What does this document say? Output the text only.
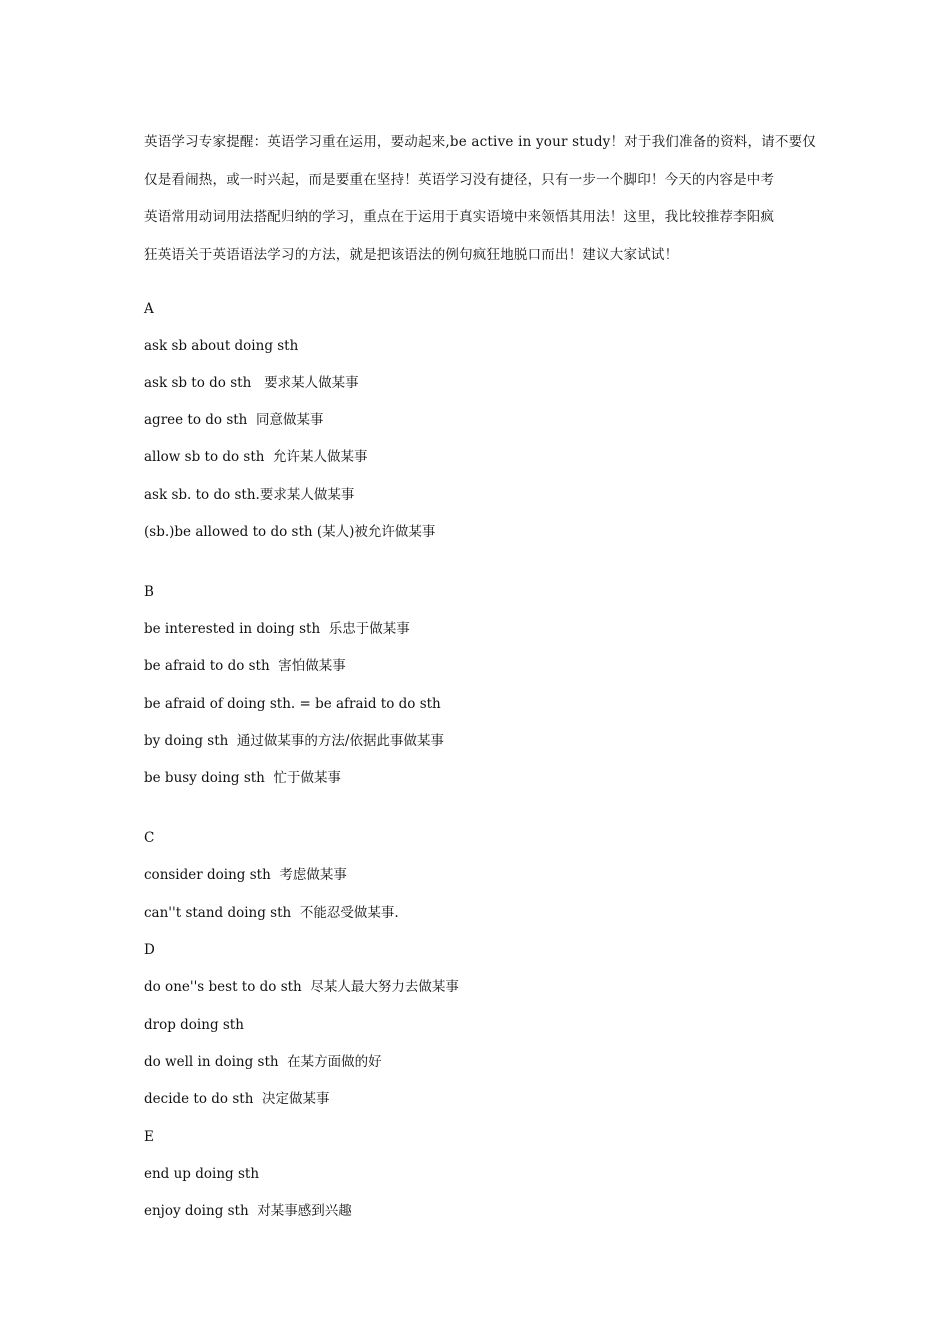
英语学习专家提醒：英语学习重在运用，要动起来,be active in your study！对于我们准备的资料，请不要仅

仅是看闹热，或一时兴起，而是要重在坚持！英语学习没有捷径，只有一步一个脚印！今天的内容是中考

英语常用动词用法搭配归纳的学习，重点在于运用于真实语境中来领悟其用法！这里，我比较推荐李阳疯

狂英语关于英语语法学习的方法，就是把该语法的例句疯狂地脱口而出！建议大家试试！

A
ask sb about doing sth
ask sb to do sth   要求某人做某事
agree to do sth  同意做某事
allow sb to do sth  允许某人做某事
ask sb. to do sth.要求某人做某事
(sb.)be allowed to do sth (某人)被允许做某事
B
be interested in doing sth  乐忠于做某事
be afraid to do sth  害怕做某事
be afraid of doing sth. = be afraid to do sth
by doing sth  通过做某事的方法/依据此事做某事
be busy doing sth  忙于做某事
C
consider doing sth  考虑做某事
can''t stand doing sth  不能忍受做某事.
D
do one''s best to do sth  尽某人最大努力去做某事
drop doing sth
do well in doing sth  在某方面做的好
decide to do sth  决定做某事
E
end up doing sth
enjoy doing sth  对某事感到兴趣
